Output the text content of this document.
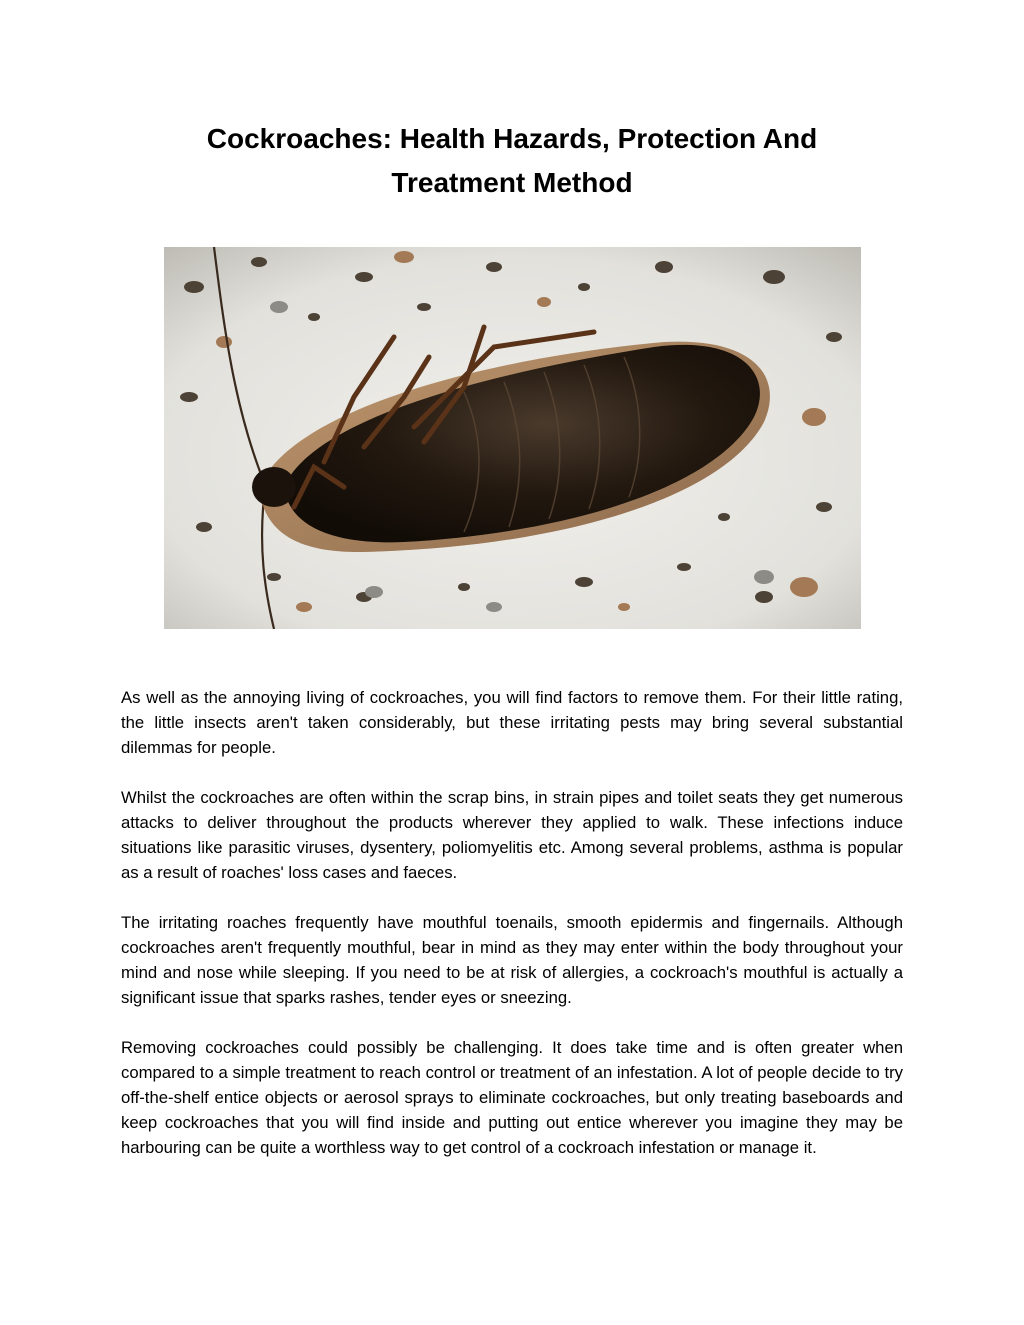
Cockroaches: Health Hazards, Protection And Treatment Method

As well as the annoying living of cockroaches, you will find factors to remove them. For their little rating, the little insects aren't taken considerably, but these irritating pests may bring several substantial dilemmas for people.

Whilst the cockroaches are often within the scrap bins, in strain pipes and toilet seats they get numerous attacks to deliver throughout the products wherever they applied to walk. These infections induce situations like parasitic viruses, dysentery, poliomyelitis etc. Among several problems, asthma is popular as a result of roaches' loss cases and faeces.

The irritating roaches frequently have mouthful toenails, smooth epidermis and fingernails. Although cockroaches aren't frequently mouthful, bear in mind as they may enter within the body throughout your mind and nose while sleeping. If you need to be at risk of allergies, a cockroach's mouthful is actually a significant issue that sparks rashes, tender eyes or sneezing.

Removing cockroaches could possibly be challenging. It does take time and is often greater when compared to a simple treatment to reach control or treatment of an infestation. A lot of people decide to try off-the-shelf entice objects or aerosol sprays to eliminate cockroaches, but only treating baseboards and keep cockroaches that you will find inside and putting out entice wherever you imagine they may be harbouring can be quite a worthless way to get control of a cockroach infestation or manage it.
